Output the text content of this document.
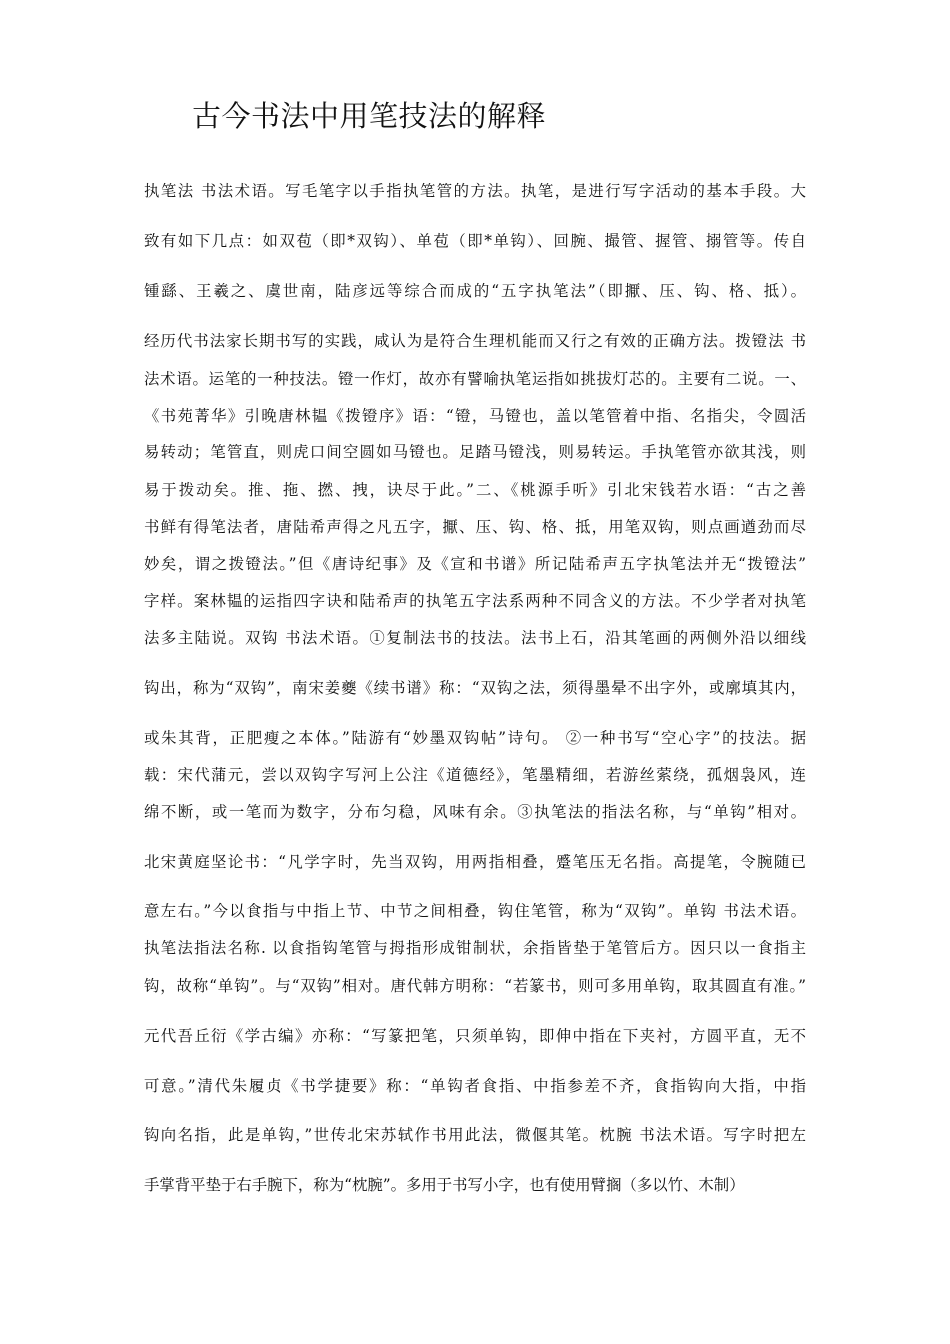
古今书法中用笔技法的解释
执笔法 书法术语。写毛笔字以手指执笔管的方法。执笔，是进行写字活动的基本手段。大
致有如下几点：如双苞（即*双钩）、单苞（即*单钩）、回腕、撮管、握管、搦管等。传自
锺繇、王羲之、虞世南，陆彦远等综合而成的“五字执笔法”（即擫、压、钩、格、抵）。
经历代书法家长期书写的实践，咸认为是符合生理机能而又行之有效的正确方法。拨镫法 书
法术语。运笔的一种技法。镫一作灯，故亦有譬喻执笔运指如挑拔灯芯的。主要有二说。一、
《书苑菁华》引晚唐林韫《拨镫序》语：“镫，马镫也，盖以笔管着中指、名指尖，令圆活
易转动；笔管直，则虎口间空圆如马镫也。足踏马镫浅，则易转运。手执笔管亦欲其浅，则
易于拨动矣。推、拖、撚、拽，诀尽于此。”二、《桃源手听》引北宋钱若水语：“古之善
书鲜有得笔法者，唐陆希声得之凡五字，擫、压、钩、格、抵，用笔双钩，则点画遒劲而尽
妙矣，谓之拨镫法。”但《唐诗纪事》及《宣和书谱》所记陆希声五字执笔法并无“拨镫法”
字样。案林韫的运指四字诀和陆希声的执笔五字法系两种不同含义的方法。不少学者对执笔
法多主陆说。双钩 书法术语。①复制法书的技法。法书上石，沿其笔画的两侧外沿以细线
钩出，称为“双钩”，南宋姜夔《续书谱》称：“双钩之法，须得墨晕不出字外，或廓填其内，
或朱其背，正肥瘦之本体。”陆游有“妙墨双钩帖”诗句。 ②一种书写“空心字”的技法。据
载：宋代蒲元，尝以双钩字写河上公注《道德经》，笔墨精细，若游丝萦绕，孤烟袅风，连
绵不断，或一笔而为数字，分布匀稳，风味有余。③执笔法的指法名称，与“单钩”相对。
北宋黄庭坚论书：“凡学字时，先当双钩，用两指相叠，蹙笔压无名指。高提笔，令腕随已
意左右。”今以食指与中指上节、中节之间相叠，钩住笔管，称为“双钩”。单钩 书法术语。
执笔法指法名称. 以食指钩笔管与拇指形成钳制状，余指皆垫于笔管后方。因只以一食指主
钩，故称“单钩”。与“双钩”相对。唐代韩方明称：“若篆书，则可多用单钩，取其圆直有准。”
元代吾丘衍《学古编》亦称：“写篆把笔，只须单钩，即伸中指在下夹衬，方圆平直，无不
可意。”清代朱履贞《书学捷要》称：“单钩者食指、中指参差不齐，食指钩向大指，中指
钩向名指，此是单钩，”世传北宋苏轼作书用此法，微偃其笔。枕腕 书法术语。写字时把左
手掌背平垫于右手腕下，称为“枕腕”。多用于书写小字，也有使用臂搁（多以竹、木制）
